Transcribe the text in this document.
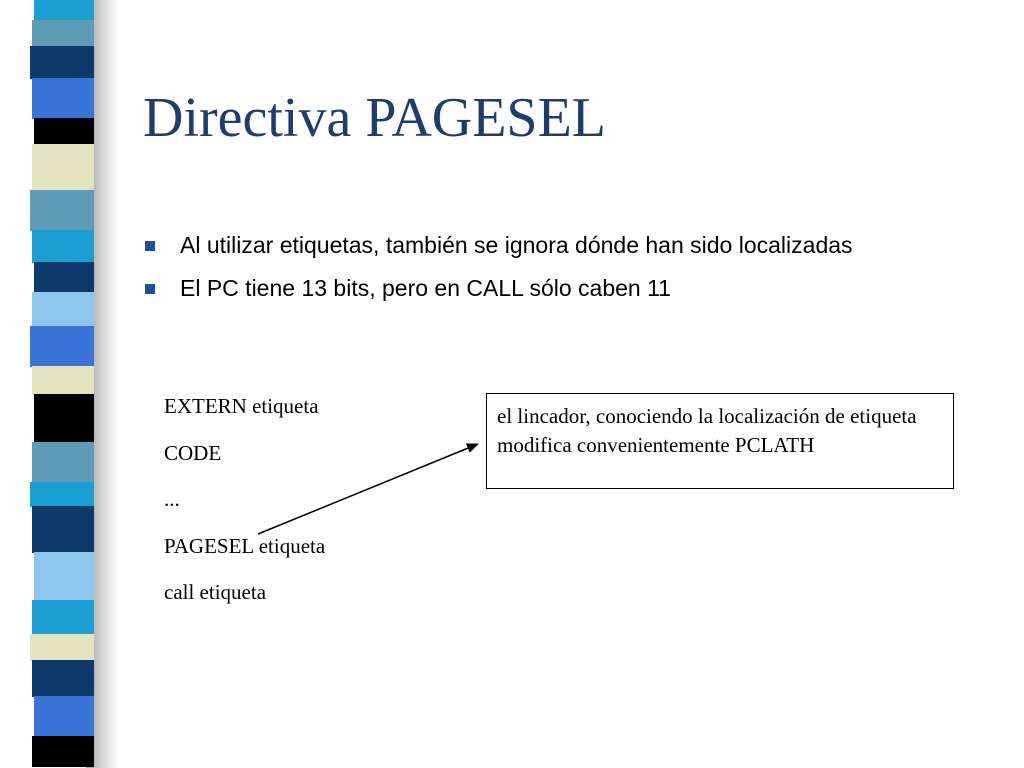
Directiva PAGESEL
Al utilizar etiquetas, también se ignora dónde han sido localizadas
El PC tiene 13 bits, pero en CALL sólo caben 11
EXTERN etiqueta
CODE
...
PAGESEL etiqueta
call etiqueta
el lincador, conociendo la localización de etiqueta modifica convenientemente PCLATH
